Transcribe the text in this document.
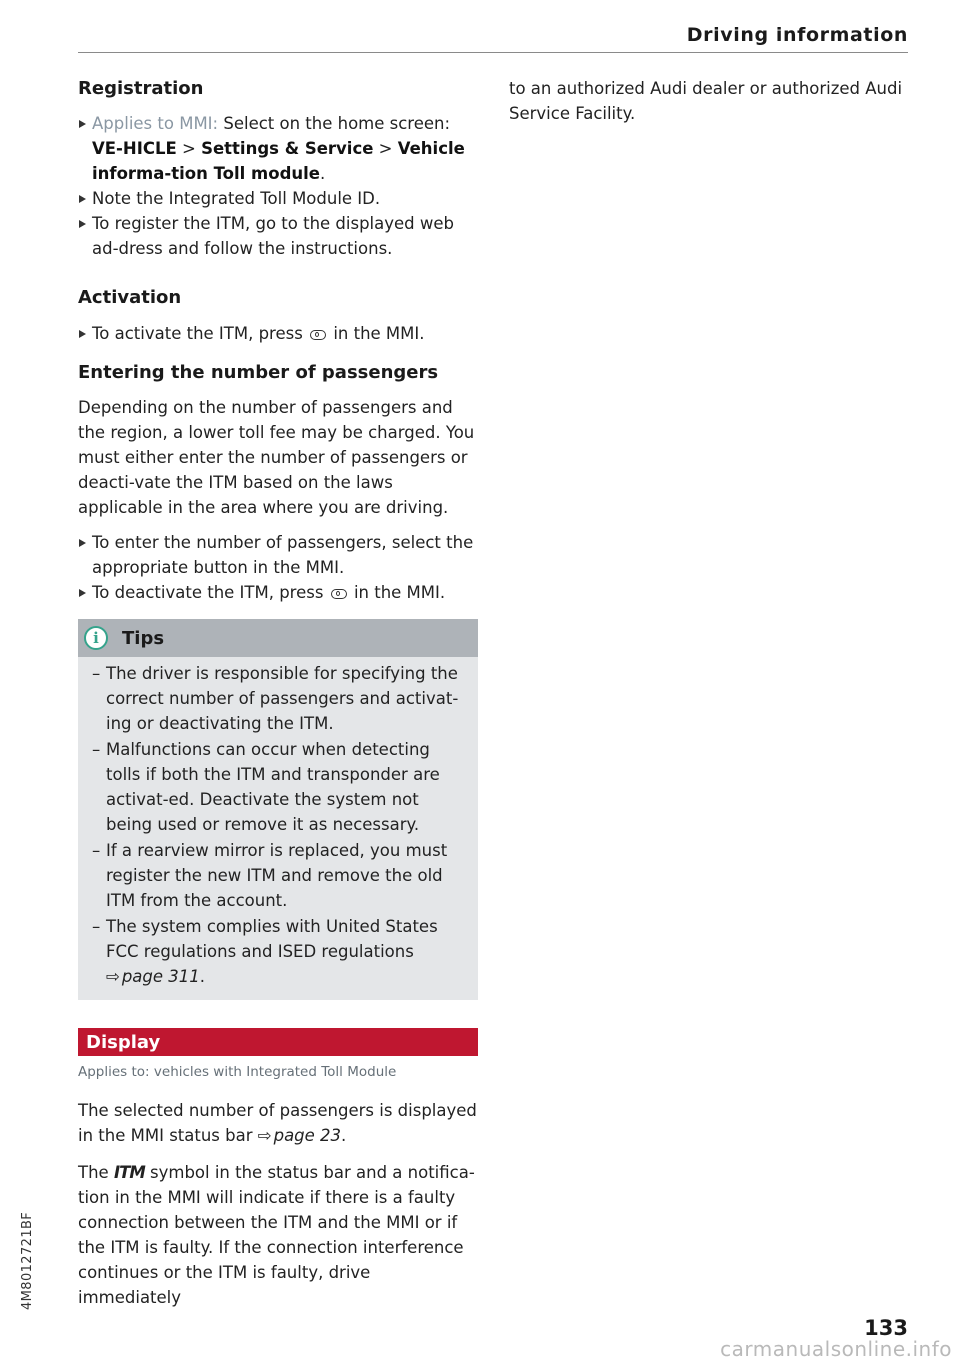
Driving information
Registration

Applies to MMI: Select on the home screen: VE-HICLE > Settings & Service > Vehicle informa-tion Toll module.

Note the Integrated Toll Module ID.

To register the ITM, go to the displayed web ad-dress and follow the instructions.

Activation

To activate the ITM, press  in the MMI.

Entering the number of passengers

Depending on the number of passengers and the region, a lower toll fee may be charged. You must either enter the number of passengers or deacti-vate the ITM based on the laws applicable in the area where you are driving.

To enter the number of passengers, select the appropriate button in the MMI.

To deactivate the ITM, press  in the MMI.

i	Tips
– The driver is responsible for specifying the correct number of passengers and activat-ing or deactivating the ITM.
– Malfunctions can occur when detecting tolls if both the ITM and transponder are activat-ed. Deactivate the system not being used or remove it as necessary.
– If a rearview mirror is replaced, you must register the new ITM and remove the old ITM from the account.
– The system complies with United States FCC regulations and ISED regulations
⇨ page 311.
Display
Applies to: vehicles with Integrated Toll Module

The selected number of passengers is displayed in the MMI status bar ⇨ page 23.

The ITM symbol in the status bar and a notifica-tion in the MMI will indicate if there is a faulty connection between the ITM and the MMI or if the ITM is faulty. If the connection interference continues or the ITM is faulty, drive immediately

to an authorized Audi dealer or authorized Audi Service Facility.

4M8012721BF
133
carmanualsonline.info
